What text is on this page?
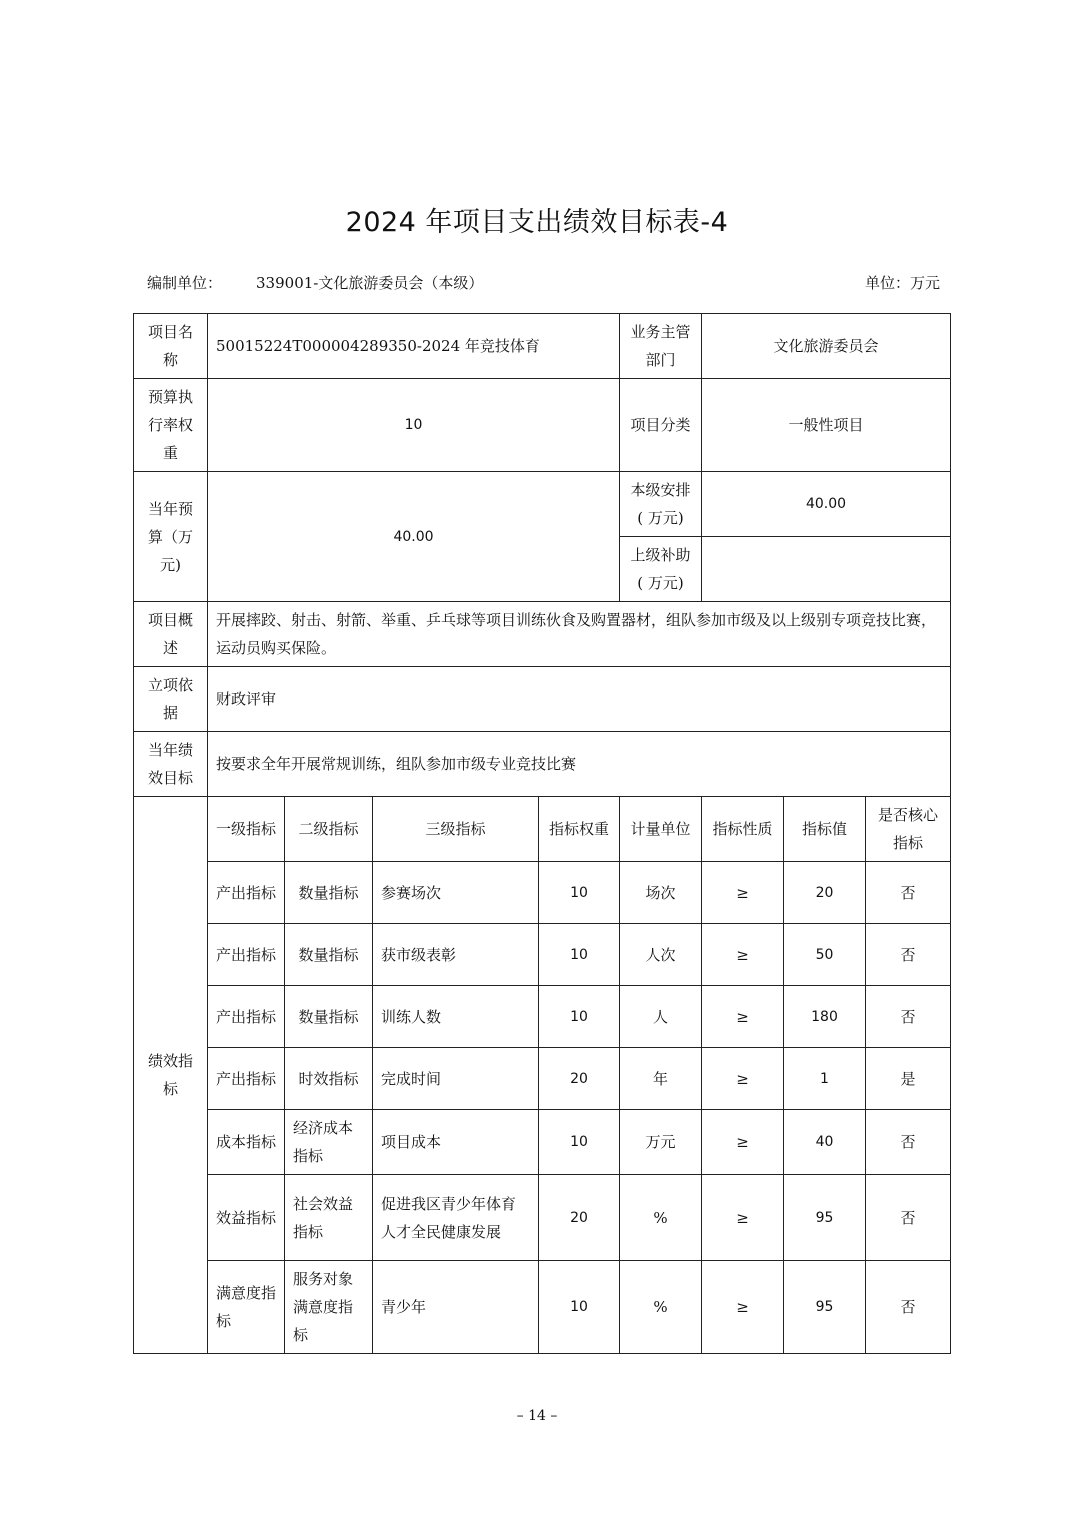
2024 年项目支出绩效目标表-4
编制单位： 339001-文化旅游委员会（本级）	单位：万元
项目名称	50015224T000004289350-2024 年竞技体育				业务主管部门	文化旅游委员会		
预算执行率权重	10				项目分类	一般性项目		
当年预算（万元)	40.00				本级安排( 万元)	40.00		
					上级补助( 万元)			
项目概述	开展摔跤、射击、射箭、举重、乒乓球等项目训练伙食及购置器材，组队参加市级及以上级别专项竞技比赛，运动员购买保险。							
立项依据	财政评审							
当年绩效目标	按要求全年开展常规训练，组队参加市级专业竞技比赛							
绩效指标	一级指标	二级指标	三级指标	指标权重	计量单位	指标性质	指标值	是否核心指标
	产出指标	数量指标	参赛场次	10	场次	≥	20	否
	产出指标	数量指标	获市级表彰	10	人次	≥	50	否
	产出指标	数量指标	训练人数	10	人	≥	180	否
	产出指标	时效指标	完成时间	20	年	≥	1	是
	成本指标	经济成本指标	项目成本	10	万元	≥	40	否
	效益指标	社会效益指标	促进我区青少年体育人才全民健康发展	20	%	≥	95	否
	满意度指标	服务对象满意度指标	青少年	10	%	≥	95	否
– 14 –
